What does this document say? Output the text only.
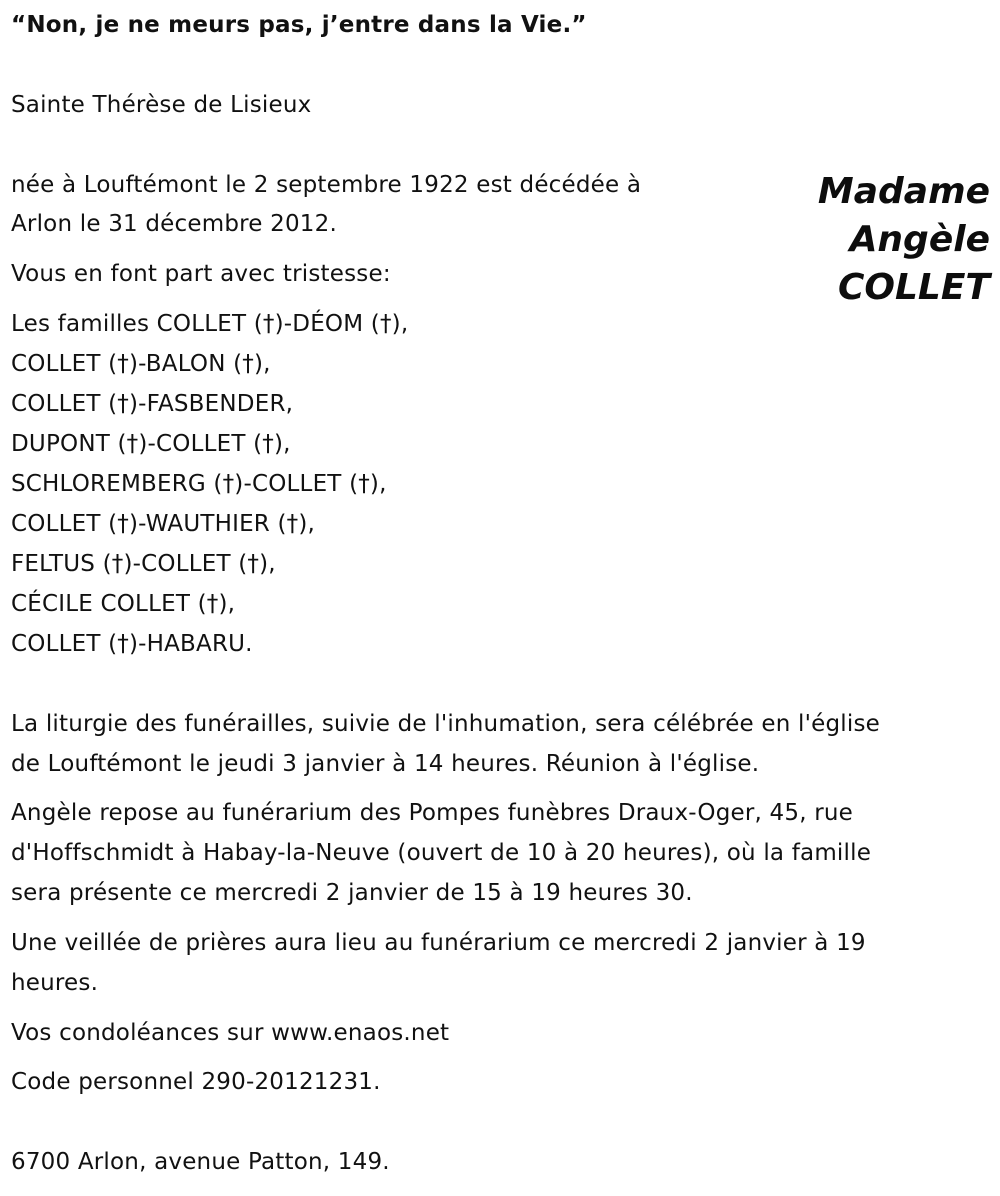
“Non, je ne meurs pas, j’entre dans la Vie.”
Sainte Thérèse de Lisieux
Madame
Angèle
COLLET
née à Louftémont le 2 septembre 1922 est décédée à
Arlon le 31 décembre 2012.
Vous en font part avec tristesse:
Les familles COLLET (†)-DÉOM (†),
COLLET (†)-BALON (†),
COLLET (†)-FASBENDER,
DUPONT (†)-COLLET (†),
SCHLOREMBERG (†)-COLLET (†),
COLLET (†)-WAUTHIER (†),
FELTUS (†)-COLLET (†),
CÉCILE COLLET (†),
COLLET (†)-HABARU.
La liturgie des funérailles, suivie de l'inhumation, sera célébrée en l'église
de Louftémont le jeudi 3 janvier à 14 heures. Réunion à l'église.
Angèle repose au funérarium des Pompes funèbres Draux-Oger, 45, rue
d'Hoffschmidt à Habay-la-Neuve (ouvert de 10 à 20 heures), où la famille
sera présente ce mercredi 2 janvier de 15 à 19 heures 30.
Une veillée de prières aura lieu au funérarium ce mercredi 2 janvier à 19
heures.
Vos condoléances sur www.enaos.net
Code personnel 290-20121231.
6700 Arlon, avenue Patton, 149.
